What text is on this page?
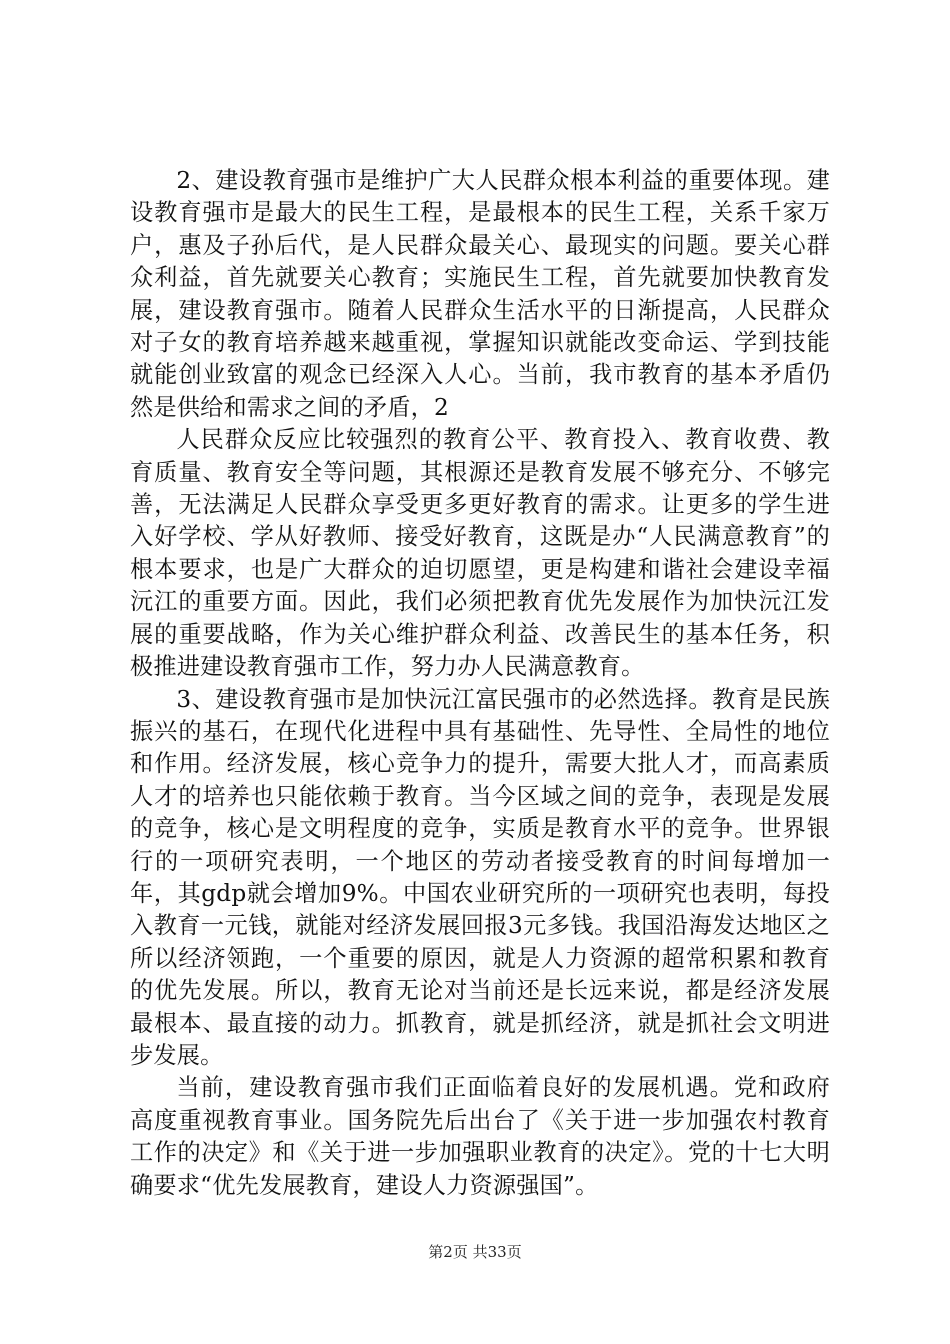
2、建设教育强市是维护广大人民群众根本利益的重要体现。建设教育强市是最大的民生工程，是最根本的民生工程，关系千家万户，惠及子孙后代，是人民群众最关心、最现实的问题。要关心群众利益，首先就要关心教育；实施民生工程，首先就要加快教育发展，建设教育强市。随着人民群众生活水平的日渐提高，人民群众对子女的教育培养越来越重视，掌握知识就能改变命运、学到技能就能创业致富的观念已经深入人心。当前，我市教育的基本矛盾仍然是供给和需求之间的矛盾，2

人民群众反应比较强烈的教育公平、教育投入、教育收费、教育质量、教育安全等问题，其根源还是教育发展不够充分、不够完善，无法满足人民群众享受更多更好教育的需求。让更多的学生进入好学校、学从好教师、接受好教育，这既是办“人民满意教育”的根本要求，也是广大群众的迫切愿望，更是构建和谐社会建设幸福沅江的重要方面。因此，我们必须把教育优先发展作为加快沅江发展的重要战略，作为关心维护群众利益、改善民生的基本任务，积极推进建设教育强市工作，努力办人民满意教育。

3、建设教育强市是加快沅江富民强市的必然选择。教育是民族振兴的基石，在现代化进程中具有基础性、先导性、全局性的地位和作用。经济发展，核心竞争力的提升，需要大批人才，而高素质人才的培养也只能依赖于教育。当今区域之间的竞争，表现是发展的竞争，核心是文明程度的竞争，实质是教育水平的竞争。世界银行的一项研究表明，一个地区的劳动者接受教育的时间每增加一年，其gdp就会增加9%。中国农业研究所的一项研究也表明，每投入教育一元钱，就能对经济发展回报3元多钱。我国沿海发达地区之所以经济领跑，一个重要的原因，就是人力资源的超常积累和教育的优先发展。所以，教育无论对当前还是长远来说，都是经济发展最根本、最直接的动力。抓教育，就是抓经济，就是抓社会文明进步发展。

当前，建设教育强市我们正面临着良好的发展机遇。党和政府高度重视教育事业。国务院先后出台了《关于进一步加强农村教育工作的决定》和《关于进一步加强职业教育的决定》。党的十七大明确要求“优先发展教育，建设人力资源强国”。

第2页 共33页
